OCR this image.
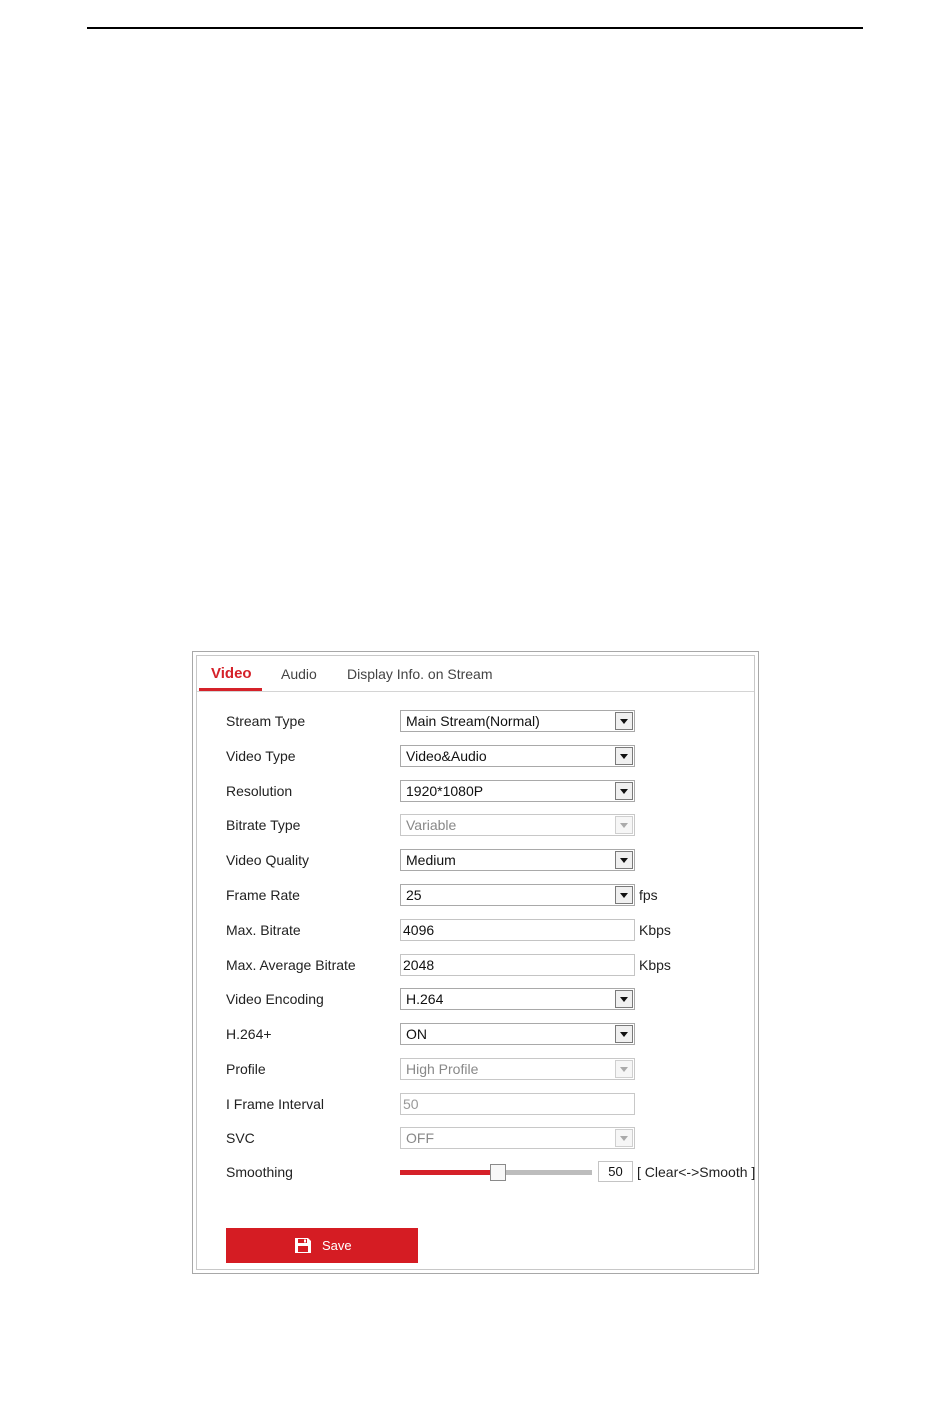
Video Audio Display Info. on Stream
Stream Type	Main Stream(Normal)
Video Type	Video&Audio
Resolution	1920*1080P
Bitrate Type	Variable
Video Quality	Medium
Frame Rate	25	fps
Max. Bitrate	4096	Kbps
Max. Average Bitrate	2048	Kbps
Video Encoding	H.264
H.264+	ON
Profile	High Profile
I Frame Interval	50
SVC	OFF
Smoothing	50	[ Clear<->Smooth ]
Save
